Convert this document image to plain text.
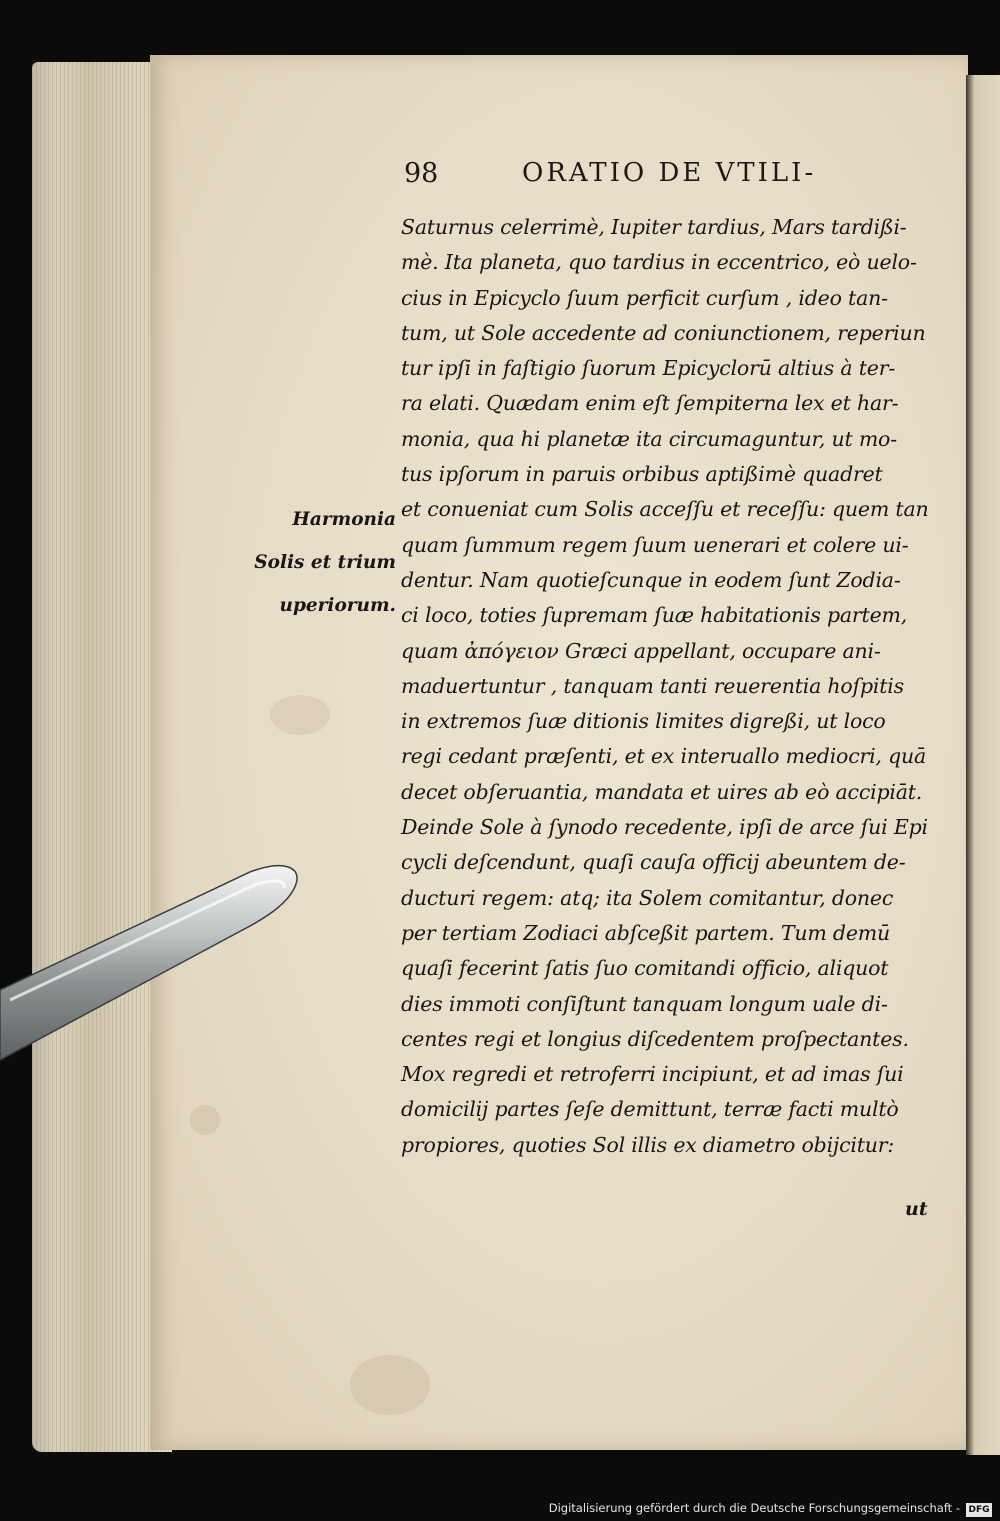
98	ORATIO DE VTILI-
Harmonia
Solis et trium
uperiorum.
Saturnus celerrimè, Iupiter tardius, Mars tardißi-
mè. Ita planeta, quo tardius in eccentrico, eò uelo-
cius in Epicyclo ſuum perficit curſum , ideo tan-
tum, ut Sole accedente ad coniunctionem, reperiun
tur ipſi in faſtigio ſuorum Epicyclorū altius à ter-
ra elati. Quædam enim eſt ſempiterna lex et har-
monia, qua hi planetæ ita circumaguntur, ut mo-
tus ipſorum in paruis orbibus aptißimè quadret
et conueniat cum Solis acceſſu et receſſu: quem tan
quam ſummum regem ſuum uenerari et colere ui-
dentur. Nam quotieſcunque in eodem ſunt Zodia-
ci loco, toties ſupremam ſuæ habitationis partem,
quam ἀπόγειον Græci appellant, occupare ani-
maduertuntur , tanquam tanti reuerentia hoſpitis
in extremos ſuæ ditionis limites digreßi, ut loco
regi cedant præſenti, et ex interuallo mediocri, quā
decet obſeruantia, mandata et uires ab eò accipiāt.
Deinde Sole à ſynodo recedente, ipſi de arce ſui Epi
cycli deſcendunt, quaſi cauſa officij abeuntem de-
ducturi regem: atq; ita Solem comitantur, donec
per tertiam Zodiaci abſceßit partem. Tum demū
quaſi fecerint ſatis ſuo comitandi officio, aliquot
dies immoti conſiſtunt tanquam longum uale di-
centes regi et longius diſcedentem proſpectantes.
Mox regredi et retroferri incipiunt, et ad imas ſui
domicilij partes ſeſe demittunt, terræ facti multò
propiores, quoties Sol illis ex diametro obijcitur:
ut
Digitalisierung gefördert durch die Deutsche Forschungsgemeinschaft - DFG
